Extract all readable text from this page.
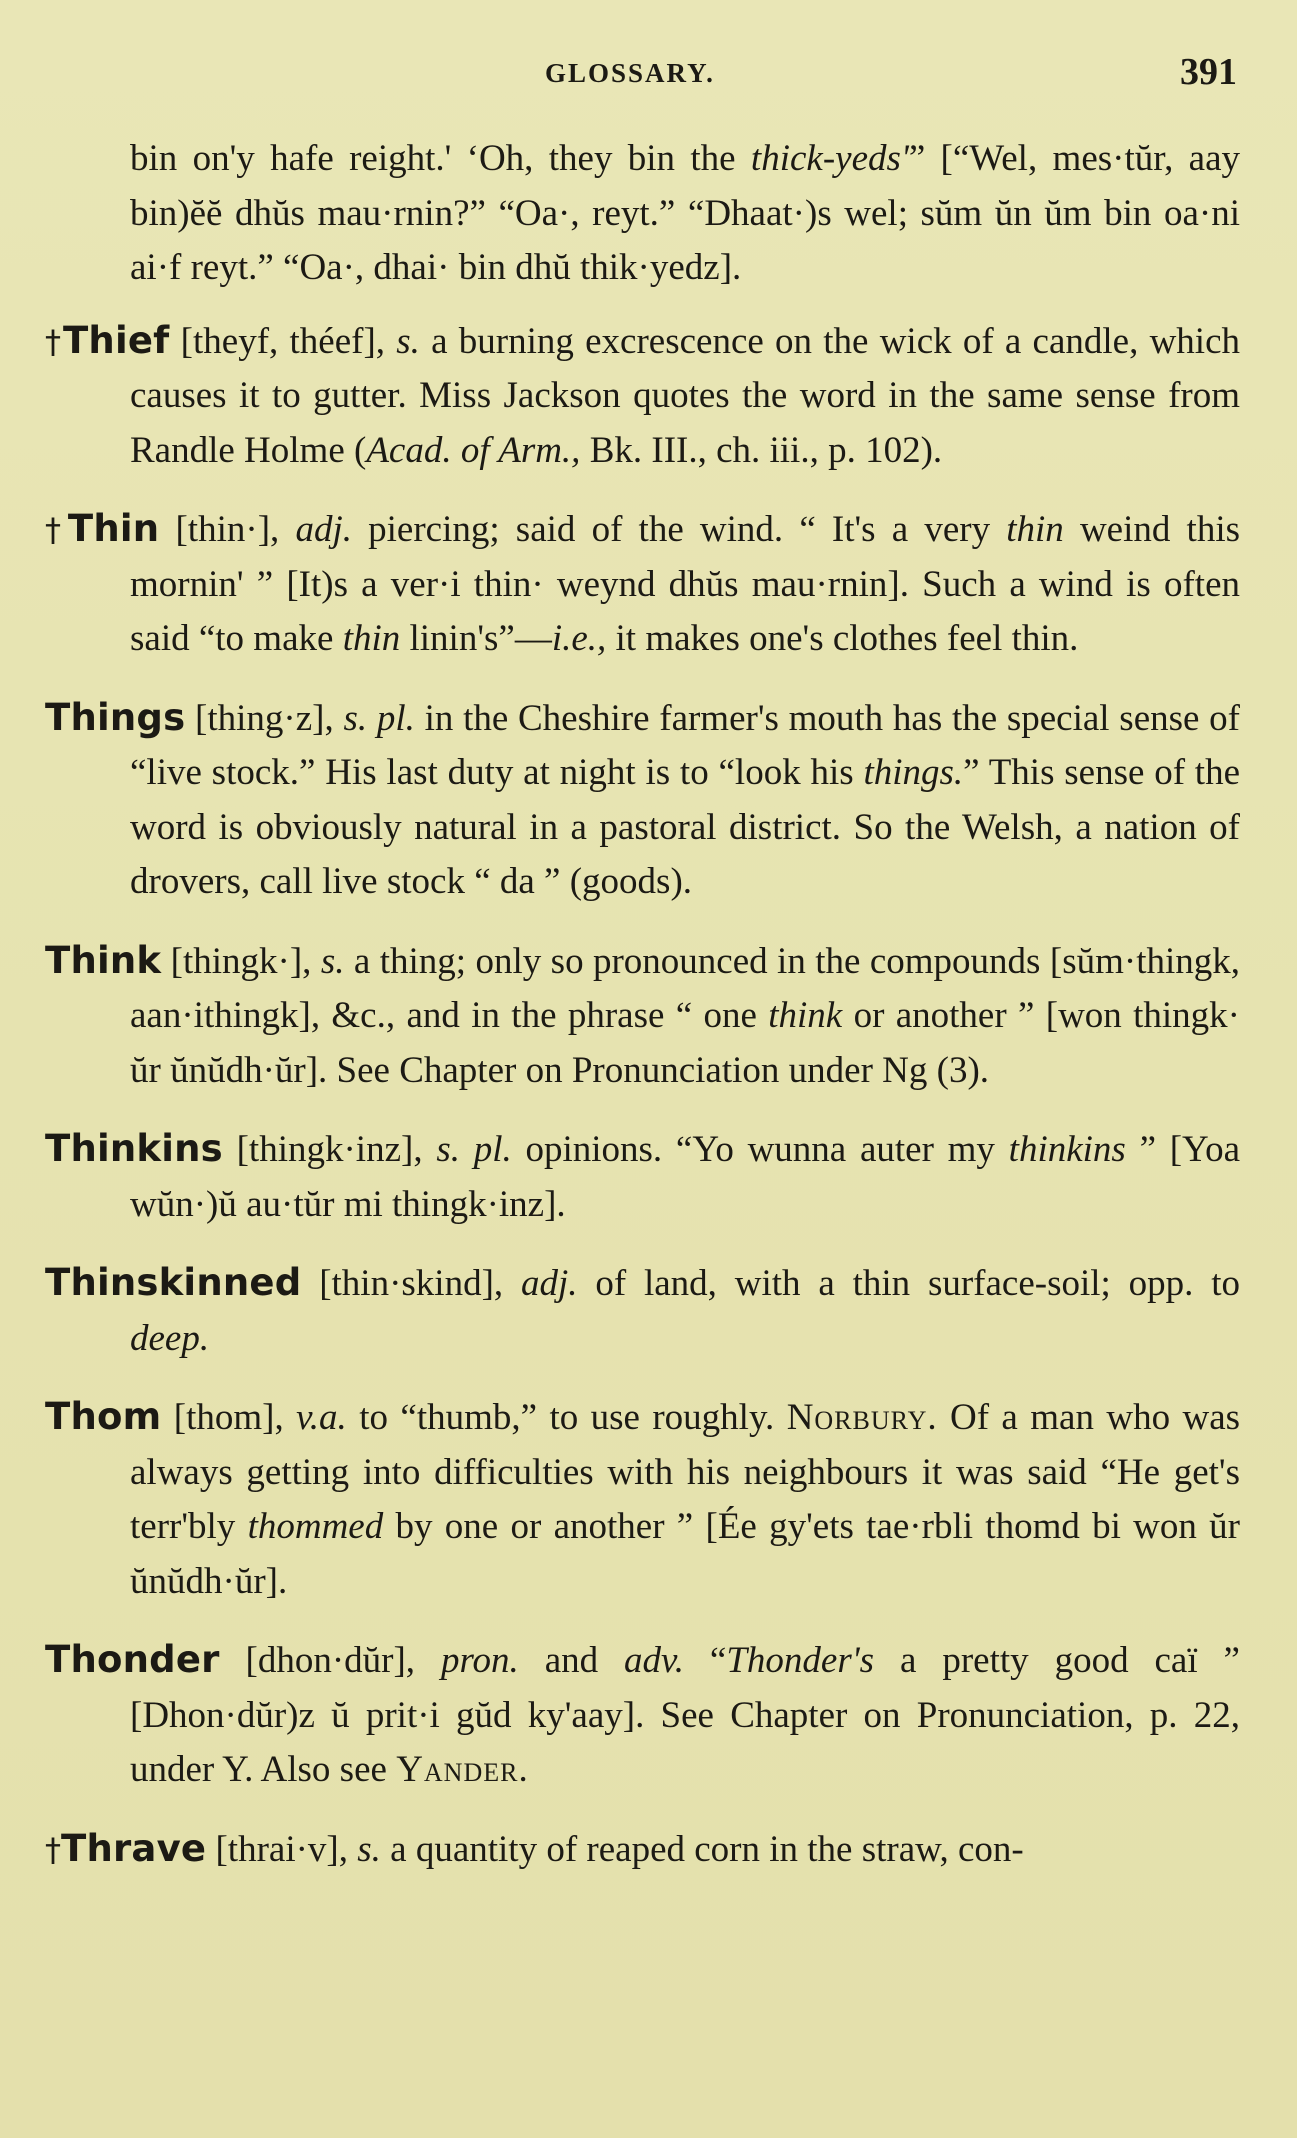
GLOSSARY.	391

bin on'y hafe reight.' ‘Oh, they bin the thick-yeds'” [“Wel, mes·tŭr, aay bin)ĕĕ dhŭs mau·rnin?” “Oa·, reyt.” “Dhaat·)s wel; sŭm ŭn ŭm bin oa·ni ai·f reyt.” “Oa·, dhai· bin dhŭ thik·yedz].

†Thief [theyf, théef], s. a burning excrescence on the wick of a candle, which causes it to gutter. Miss Jackson quotes the word in the same sense from Randle Holme (Acad. of Arm., Bk. III., ch. iii., p. 102).

†Thin [thin·], adj. piercing; said of the wind. “ It's a very thin weind this mornin' ” [It)s a ver·i thin· weynd dhŭs mau·rnin]. Such a wind is often said “to make thin linin's”—i.e., it makes one's clothes feel thin.

Things [thing·z], s. pl. in the Cheshire farmer's mouth has the special sense of “live stock.” His last duty at night is to “look his things.” This sense of the word is obviously natural in a pastoral district. So the Welsh, a nation of drovers, call live stock “ da ” (goods).

Think [thingk·], s. a thing; only so pronounced in the compounds [sŭm·thingk, aan·ithingk], &c., and in the phrase “ one think or another ” [won thingk· ŭr ŭnŭdh·ŭr]. See Chapter on Pronunciation under Ng (3).

Thinkins [thingk·inz], s. pl. opinions. “Yo wunna auter my thinkins ” [Yoa wŭn·)ŭ au·tŭr mi thingk·inz].

Thinskinned [thin·skind], adj. of land, with a thin surface-soil; opp. to deep.

Thom [thom], v.a. to “thumb,” to use roughly. Norbury. Of a man who was always getting into difficulties with his neighbours it was said “He get's terr'bly thommed by one or another ” [Ée gy'ets tae·rbli thomd bi won ŭr ŭnŭdh·ŭr].

Thonder [dhon·dŭr], pron. and adv. “Thonder's a pretty good caï ” [Dhon·dŭr)z ŭ prit·i gŭd ky'aay]. See Chapter on Pronunciation, p. 22, under Y. Also see Yander.

†Thrave [thrai·v], s. a quantity of reaped corn in the straw, con-
